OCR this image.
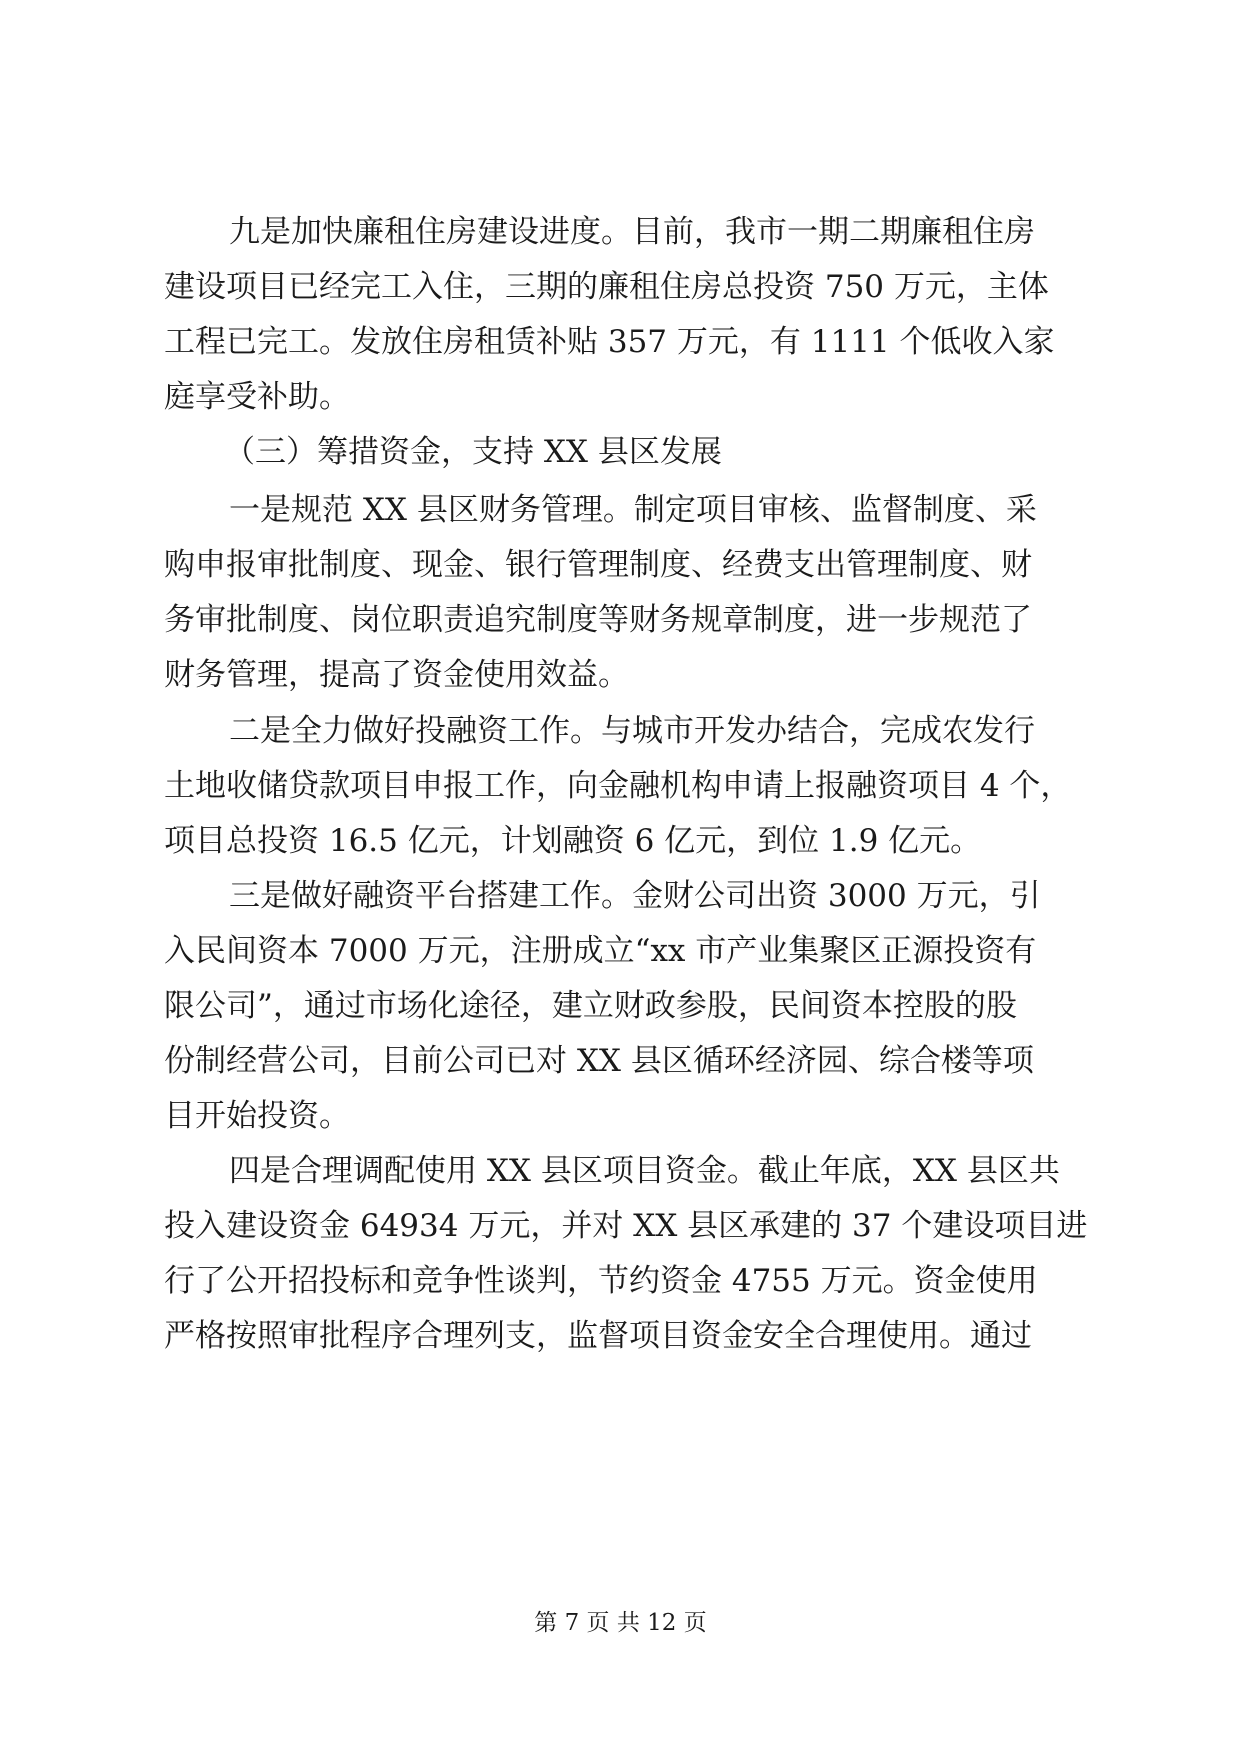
九是加快廉租住房建设进度。目前，我市一期二期廉租住房
建设项目已经完工入住，三期的廉租住房总投资 750 万元，主体
工程已完工。发放住房租赁补贴 357 万元，有 1111 个低收入家
庭享受补助。
（三）筹措资金，支持 XX 县区发展
一是规范 XX 县区财务管理。制定项目审核、监督制度、采
购申报审批制度、现金、银行管理制度、经费支出管理制度、财
务审批制度、岗位职责追究制度等财务规章制度，进一步规范了
财务管理，提高了资金使用效益。
二是全力做好投融资工作。与城市开发办结合，完成农发行
土地收储贷款项目申报工作，向金融机构申请上报融资项目 4 个，
项目总投资 16.5 亿元，计划融资 6 亿元，到位 1.9 亿元。
三是做好融资平台搭建工作。金财公司出资 3000 万元，引
入民间资本 7000 万元，注册成立“xx 市产业集聚区正源投资有
限公司”，通过市场化途径，建立财政参股，民间资本控股的股
份制经营公司，目前公司已对 XX 县区循环经济园、综合楼等项
目开始投资。
四是合理调配使用 XX 县区项目资金。截止年底，XX 县区共
投入建设资金 64934 万元，并对 XX 县区承建的 37 个建设项目进
行了公开招投标和竞争性谈判，节约资金 4755 万元。资金使用
严格按照审批程序合理列支，监督项目资金安全合理使用。通过
第 7 页 共 12 页
